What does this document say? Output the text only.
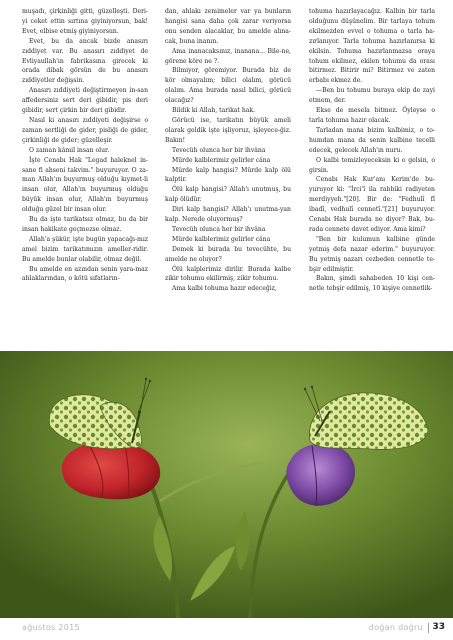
muşadı, çirkinliği gitti, güzelleşti. Deri-yi ceket ettin sırtına giyiniyorsun, bak! Evet, elbise etmiş giyiniyorsun.

Evet, bu da ancak bizde anasırı zıddiyet var. Bu anasırı zıddiyet de Evliyaullah'ın fabrikasına girecek ki orada dibak görsün de bu anasırı zıddiyetler değişsin.

Anasırı zıddiyeti değiştirmeyen in-san affedersiniz sert deri gibidir, pis deri gibidir, sert çirkin bir deri gibidir.

Nasıl ki anasırı zıddiyeti değişirse o zaman sertliği de gider, pisliği de gider, çirkinliği de gider; güzelleşir.

O zaman kâmil insan olur.

İşte Cenabı Hak "Legad haleknel in-sane fi ahseni takvim." buyuruyor. O za-man Allah'ın buyurmuş olduğu kıymet-li insan olur, Allah'ın buyurmuş olduğu büyük insan olur, Allah'ın buyurmuş olduğu güzel bir insan olur.

Bu da işte tarikatsız olmaz, bu da bir insan hakikate geçmezse olmaz.

Allah'a şükür, işte bugün yapacağı-mız amel bizim tarikatımızın ameller-ridir. Bu amelde bunlar olabilir, olmaz değil.

Bu amelde en azından senin yara-maz ahlaklarından, o kötü sıfatların-

dan, ahlakı zemimeler var ya bunların hangisi sana daha çok zarar veriyorsa onu senden alacaklar, bu amelde alına-cak, buna inanın.

Ama inanacaksınız, inanana... Bile-ne, görene köre ne ?.

Bilmiyor, göremiyor. Burada biz de kör olmayalım; bilici olalım, görücü olalım. Ama burada nasıl bilici, görücü olacağız?

Bildik ki Allah, tarikat hak.

Görücü ise, tarikatın büyük ameli olarak geldik işte işliyoruz, işleyece-ğiz. Bakın!

Tevecüh olunca her bir ihvâna

Mürde kalblerimiz gelirler câna

Mürde kalp hangisi? Mürde kalp ölü kalptir.

Ölü kalp hangisi? Allah'ı unutmuş, bu kalp ölüdür.

Diri kalp hangisi? Allah'ı unutma-yan kalp. Nerede oluyormuş?

Tevecüh olunca her bir ihvâna

Mürde kalblerimiz gelirler câna

Demek ki burada bu tevecühte, bu amelde ne oluyor?

Ölü kalplerimiz dirilir. Burada kalbe zikir tohumu ekilirmiş, zikir tohumu.

Ama kalbi tohuma hazır edeceğiz,

tohuma hazırlayacağız. Kalbin bir tarla olduğunu düşünelim. Bir tarlaya tohum ekilmezden evvel o tohuma o tarla ha-zırlanıyor. Tarla tohuma hazırlanırsa ki ekilsin. Tohuma hazırlanmazsa oraya tohum ekilmez, ekilen tohumu da orası bitirmez. Bitirir mi? Bitirmez ve zaten erbabı ekmez de.

—Ben bu tohumu buraya ekip de zayi etmem, der.

Ekse de mesela bitmez. Öyleyse o tarla tohuma hazır olacak.

Tarladan mana bizim kalbimiz, o to-humdan mana da senin kalbine tecelli edecek, gelecek Allah'ın nuru.

O kalbi temizleyeceksin ki o gelsin, o girsin.

Cenabı Hak Kur'anı Kerim'de bu-yuruyor ki: "İrci'î ila rabbiki radiyeten merdiyyeh."[20]. Bir de: "Fedhulî fî ibadî, vedhulî cennetî."[21] buyuruyor. Cenabı Hak burada ne diyor? Bak, bu-rada cennete davet ediyor. Ama kimi?

"Ben bir kulumun kalbine günde yetmiş defa nazar ederim." buyuruyor. Bu yetmiş nazarı cezbeden cennetle te-bşir edilmiştir.

Bakın, şimdi sahabeden 10 kişi cen-netle tebşir edilmiş, 10 kişiye cennetlik-

ağustos 2015	doğan doğru 33
